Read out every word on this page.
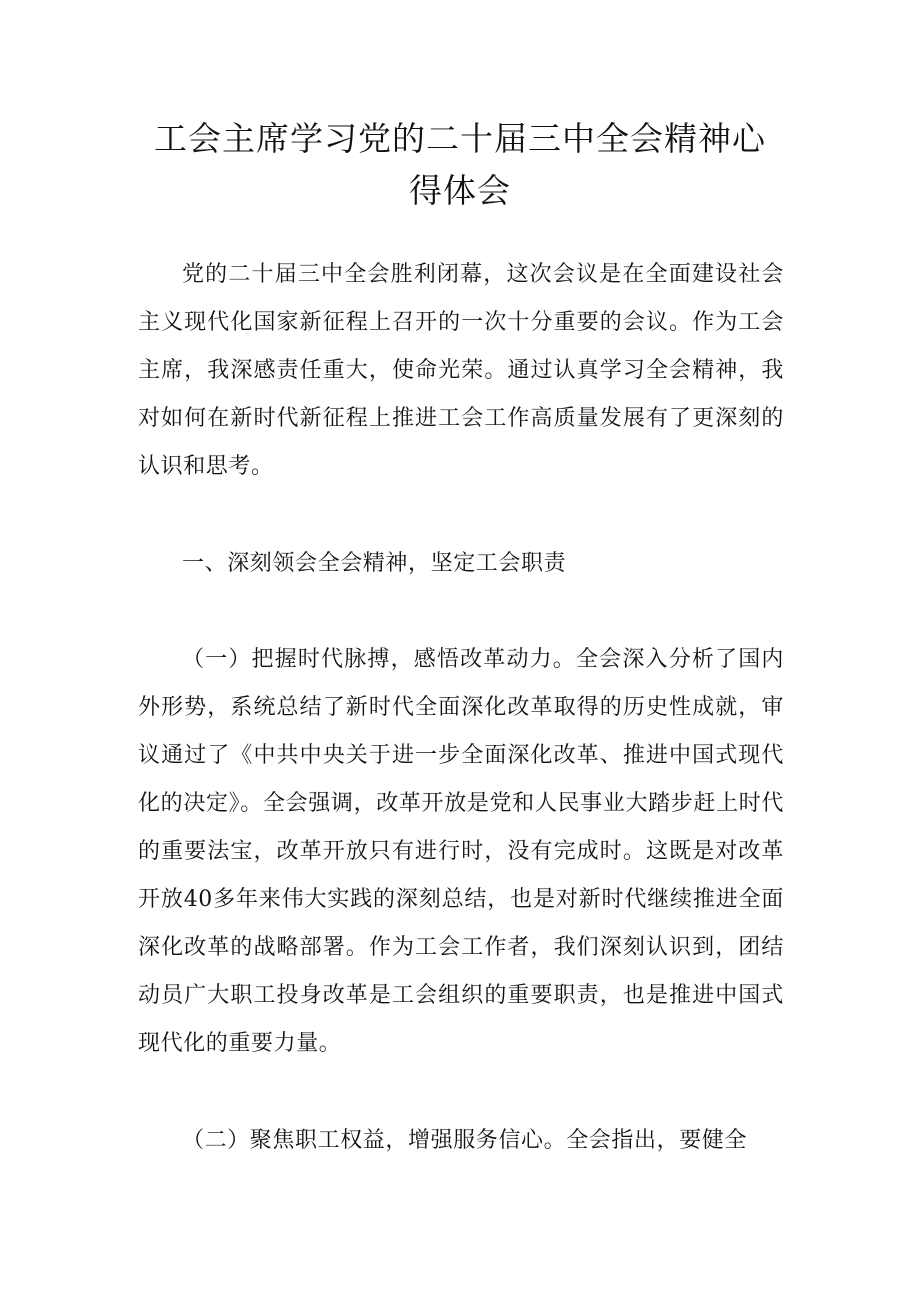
工会主席学习党的二十届三中全会精神心得体会

党的二十届三中全会胜利闭幕，这次会议是在全面建设社会主义现代化国家新征程上召开的一次十分重要的会议。作为工会主席，我深感责任重大，使命光荣。通过认真学习全会精神，我对如何在新时代新征程上推进工会工作高质量发展有了更深刻的认识和思考。

一、深刻领会全会精神，坚定工会职责

（一）把握时代脉搏，感悟改革动力。全会深入分析了国内外形势，系统总结了新时代全面深化改革取得的历史性成就，审议通过了《中共中央关于进一步全面深化改革、推进中国式现代化的决定》。全会强调，改革开放是党和人民事业大踏步赶上时代的重要法宝，改革开放只有进行时，没有完成时。这既是对改革开放40多年来伟大实践的深刻总结，也是对新时代继续推进全面深化改革的战略部署。作为工会工作者，我们深刻认识到，团结动员广大职工投身改革是工会组织的重要职责，也是推进中国式现代化的重要力量。

（二）聚焦职工权益，增强服务信心。全会指出，要健全
